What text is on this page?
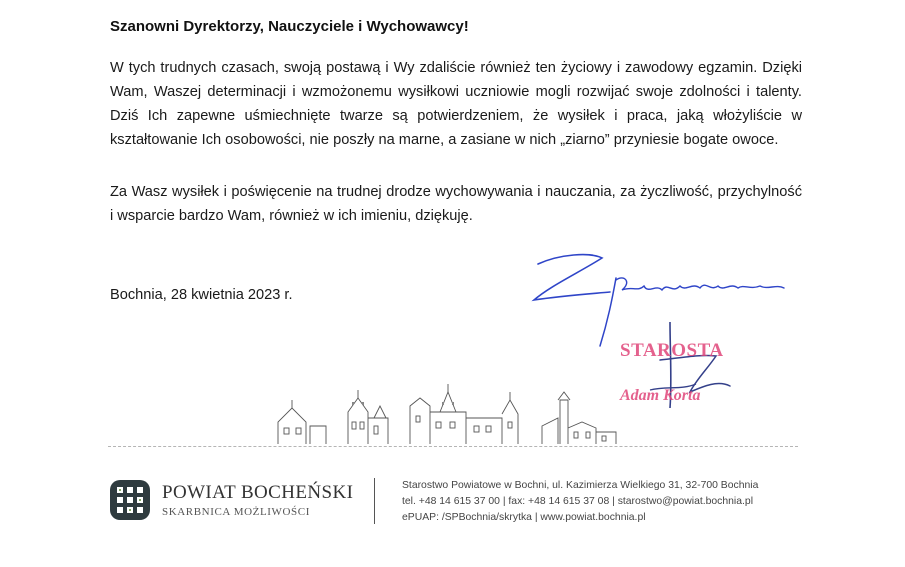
Szanowni Dyrektorzy, Nauczyciele i Wychowawcy!

W tych trudnych czasach, swoją postawą i Wy zdaliście również ten życiowy i zawodowy egzamin. Dzięki Wam, Waszej determinacji i wzmożonemu wysiłkowi uczniowie mogli rozwijać swoje zdolności i talenty. Dziś Ich zapewne uśmiechnięte twarze są potwierdzeniem, że wysiłek i praca, jaką włożyliście w kształtowanie Ich osobowości, nie poszły na marne, a zasiane w nich „ziarno” przyniesie bogate owoce.

Za Wasz wysiłek i poświęcenie na trudnej drodze wychowywania i nauczania, za życzliwość, przychylność i wsparcie bardzo Wam, również w ich imieniu, dziękuję.

Bochnia, 28 kwietnia 2023 r.
STAROSTA
Adam Korta
POWIAT BOCHEŃSKI
SKARBNICA MOŻLIWOŚCI
Starostwo Powiatowe w Bochni, ul. Kazimierza Wielkiego 31, 32-700 Bochnia
tel. +48 14 615 37 00 | fax: +48 14 615 37 08 | starostwo@powiat.bochnia.pl
ePUAP: /SPBochnia/skrytka | www.powiat.bochnia.pl
